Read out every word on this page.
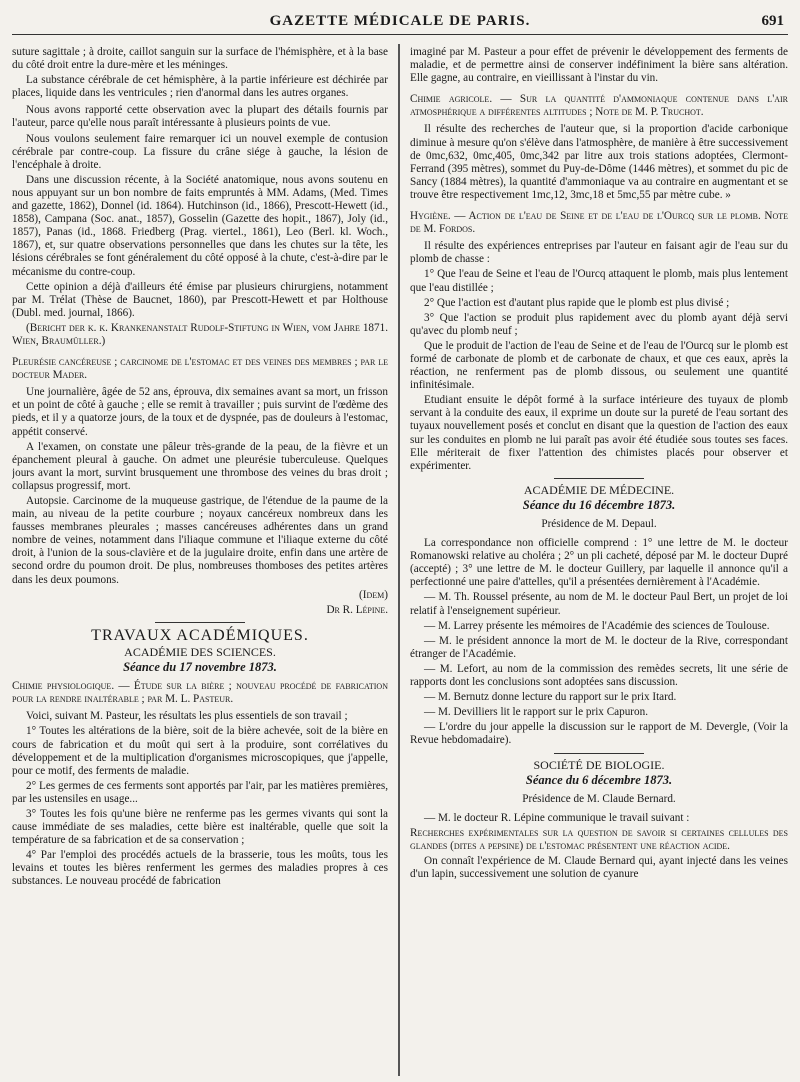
GAZETTE MÉDICALE DE PARIS.	691

suture sagittale ; à droite, caillot sanguin sur la surface de l'hémisphère, et à la base du côté droit entre la dure-mère et les méninges.

La substance cérébrale de cet hémisphère, à la partie inférieure est déchirée par places, liquide dans les ventricules ; rien d'anormal dans les autres organes.

Nous avons rapporté cette observation avec la plupart des détails fournis par l'auteur, parce qu'elle nous paraît intéressante à plusieurs points de vue.

Nous voulons seulement faire remarquer ici un nouvel exemple de contusion cérébrale par contre-coup. La fissure du crâne siége à gauche, la lésion de l'encéphale à droite.

Dans une discussion récente, à la Société anatomique, nous avons soutenu en nous appuyant sur un bon nombre de faits empruntés à MM. Adams, (Med. Times and gazette, 1862), Donnel (id. 1864). Hutchinson (id., 1866), Prescott-Hewett (id., 1858), Campana (Soc. anat., 1857), Gosselin (Gazette des hopit., 1867), Joly (id., 1857), Panas (id., 1868. Friedberg (Prag. viertel., 1861), Leo (Berl. kl. Woch., 1867), et, sur quatre observations personnelles que dans les chutes sur la tête, les lésions cérébrales se font généralement du côté opposé à la chute, c'est-à-dire par le mécanisme du contre-coup.

Cette opinion a déjà d'ailleurs été émise par plusieurs chirurgiens, notamment par M. Trélat (Thèse de Baucnet, 1860), par Prescott-Hewett et par Holthouse (Dubl. med. journal, 1866).

(Bericht der k. k. Krankenanstalt Rudolf-Stiftung in Wien, vom Jahre 1871. Wien, Braumüller.)

Pleurésie cancéreuse ; carcinome de l'estomac et des veines des membres ; par le docteur Mader.

Une journalière, âgée de 52 ans, éprouva, dix semaines avant sa mort, un frisson et un point de côté à gauche ; elle se remit à travailler ; puis survint de l'œdème des pieds, et il y a quatorze jours, de la toux et de dyspnée, pas de douleurs à l'estomac, appétit conservé.

A l'examen, on constate une pâleur très-grande de la peau, de la fièvre et un épanchement pleural à gauche. On admet une pleurésie tuberculeuse. Quelques jours avant la mort, survint brusquement une thrombose des veines du bras droit ; collapsus progressif, mort.

Autopsie. Carcinome de la muqueuse gastrique, de l'étendue de la paume de la main, au niveau de la petite courbure ; noyaux cancéreux nombreux dans les fausses membranes pleurales ; masses cancéreuses adhérentes dans un grand nombre de veines, notamment dans l'iliaque commune et l'iliaque externe du côté droit, à l'union de la sous-clavière et de la jugulaire droite, enfin dans une artère de second ordre du poumon droit. De plus, nombreuses thomboses des petites artères dans les deux poumons.

(Idem)

Dr R. Lépine.

TRAVAUX ACADÉMIQUES.
ACADÉMIE DES SCIENCES.
Séance du 17 novembre 1873.

Chimie physiologique. — Étude sur la bière ; nouveau procédé de fabrication pour la rendre inaltérable ; par M. L. Pasteur.

Voici, suivant M. Pasteur, les résultats les plus essentiels de son travail ;

1° Toutes les altérations de la bière, soit de la bière achevée, soit de la bière en cours de fabrication et du moût qui sert à la produire, sont corrélatives du développement et de la multiplication d'organismes microscopiques, que j'appelle, pour ce motif, des ferments de maladie.

2° Les germes de ces ferments sont apportés par l'air, par les matières premières, par les ustensiles en usage...

3° Toutes les fois qu'une bière ne renferme pas les germes vivants qui sont la cause immédiate de ses maladies, cette bière est inaltérable, quelle que soit la température de sa fabrication et de sa conservation ;

4° Par l'emploi des procédés actuels de la brasserie, tous les moûts, tous les levains et toutes les bières renferment les germes des maladies propres à ces substances. Le nouveau procédé de fabrication

imaginé par M. Pasteur a pour effet de prévenir le développement des ferments de maladie, et de permettre ainsi de conserver indéfiniment la bière sans altération. Elle gagne, au contraire, en vieillissant à l'instar du vin.

Chimie agricole. — Sur la quantité d'ammoniaque contenue dans l'air atmosphérique a différentes altitudes ; Note de M. P. Truchot.

Il résulte des recherches de l'auteur que, si la proportion d'acide carbonique diminue à mesure qu'on s'élève dans l'atmosphère, de manière à être successivement de 0mc,632, 0mc,405, 0mc,342 par litre aux trois stations adoptées, Clermont-Ferrand (395 mètres), sommet du Puy-de-Dôme (1446 mètres), et sommet du pic de Sancy (1884 mètres), la quantité d'ammoniaque va au contraire en augmentant et se trouve être respectivement 1mc,12, 3mc,18 et 5mc,55 par mètre cube. »

Hygiène. — Action de l'eau de Seine et de l'eau de l'Ourcq sur le plomb. Note de M. Fordos.

Il résulte des expériences entreprises par l'auteur en faisant agir de l'eau sur du plomb de chasse :

1° Que l'eau de Seine et l'eau de l'Ourcq attaquent le plomb, mais plus lentement que l'eau distillée ;

2° Que l'action est d'autant plus rapide que le plomb est plus divisé ;

3° Que l'action se produit plus rapidement avec du plomb ayant déjà servi qu'avec du plomb neuf ;

Que le produit de l'action de l'eau de Seine et de l'eau de l'Ourcq sur le plomb est formé de carbonate de plomb et de carbonate de chaux, et que ces eaux, après la réaction, ne renferment pas de plomb dissous, ou seulement une quantité infinitésimale.

Etudiant ensuite le dépôt formé à la surface intérieure des tuyaux de plomb servant à la conduite des eaux, il exprime un doute sur la pureté de l'eau sortant des tuyaux nouvellement posés et conclut en disant que la question de l'action des eaux sur les conduites en plomb ne lui paraît pas avoir été étudiée sous toutes ses faces. Elle mériterait de fixer l'attention des chimistes placés pour observer et expérimenter.

ACADÉMIE DE MÉDECINE.
Séance du 16 décembre 1873.
Présidence de M. Depaul.

La correspondance non officielle comprend : 1° une lettre de M. le docteur Romanowski relative au choléra ; 2° un pli cacheté, déposé par M. le docteur Dupré (accepté) ; 3° une lettre de M. le docteur Guillery, par laquelle il annonce qu'il a perfectionné une paire d'attelles, qu'il a présentées dernièrement à l'Académie.

— M. Th. Roussel présente, au nom de M. le docteur Paul Bert, un projet de loi relatif à l'enseignement supérieur.

— M. Larrey présente les mémoires de l'Académie des sciences de Toulouse.

— M. le président annonce la mort de M. le docteur de la Rive, correspondant étranger de l'Académie.

— M. Lefort, au nom de la commission des remèdes secrets, lit une série de rapports dont les conclusions sont adoptées sans discussion.

— M. Bernutz donne lecture du rapport sur le prix Itard.

— M. Devilliers lit le rapport sur le prix Capuron.

— L'ordre du jour appelle la discussion sur le rapport de M. Devergle, (Voir la Revue hebdomadaire).

SOCIÉTÉ DE BIOLOGIE.
Séance du 6 décembre 1873.
Présidence de M. Claude Bernard.

— M. le docteur R. Lépine communique le travail suivant :

Recherches expérimentales sur la question de savoir si certaines cellules des glandes (dites a pepsine) de l'estomac présentent une réaction acide.

On connaît l'expérience de M. Claude Bernard qui, ayant injecté dans les veines d'un lapin, successivement une solution de cyanure
